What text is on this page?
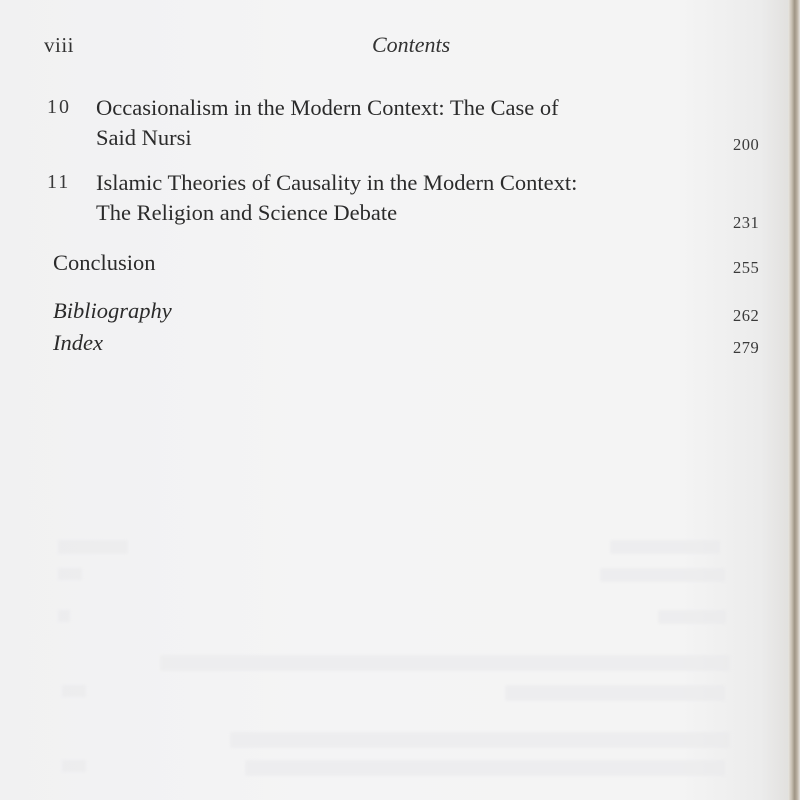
viii	Contents
10 Occasionalism in the Modern Context: The Case of
Said Nursi	200
11 Islamic Theories of Causality in the Modern Context:
The Religion and Science Debate	231
Conclusion	255
Bibliography	262
Index	279
